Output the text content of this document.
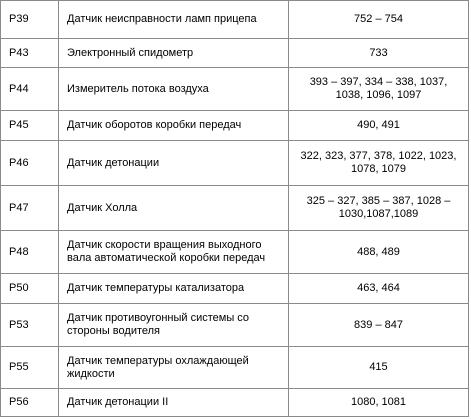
P39	Датчик неисправности ламп прицепа	752 – 754
P43	Электронный спидометр	733
P44	Измеритель потока воздуха	393 – 397, 334 – 338, 1037, 1038, 1096, 1097
P45	Датчик оборотов коробки передач	490, 491
P46	Датчик детонации	322, 323, 377, 378, 1022, 1023, 1078, 1079
P47	Датчик Холла	325 – 327, 385 – 387, 1028 – 1030,1087,1089
P48	Датчик скорости вращения выходного вала автоматической коробки передач	488, 489
P50	Датчик температуры катализатора	463, 464
P53	Датчик противоугонный системы со стороны водителя	839 – 847
P55	Датчик температуры охлаждающей жидкости	415
P56	Датчик детонации II	1080, 1081
